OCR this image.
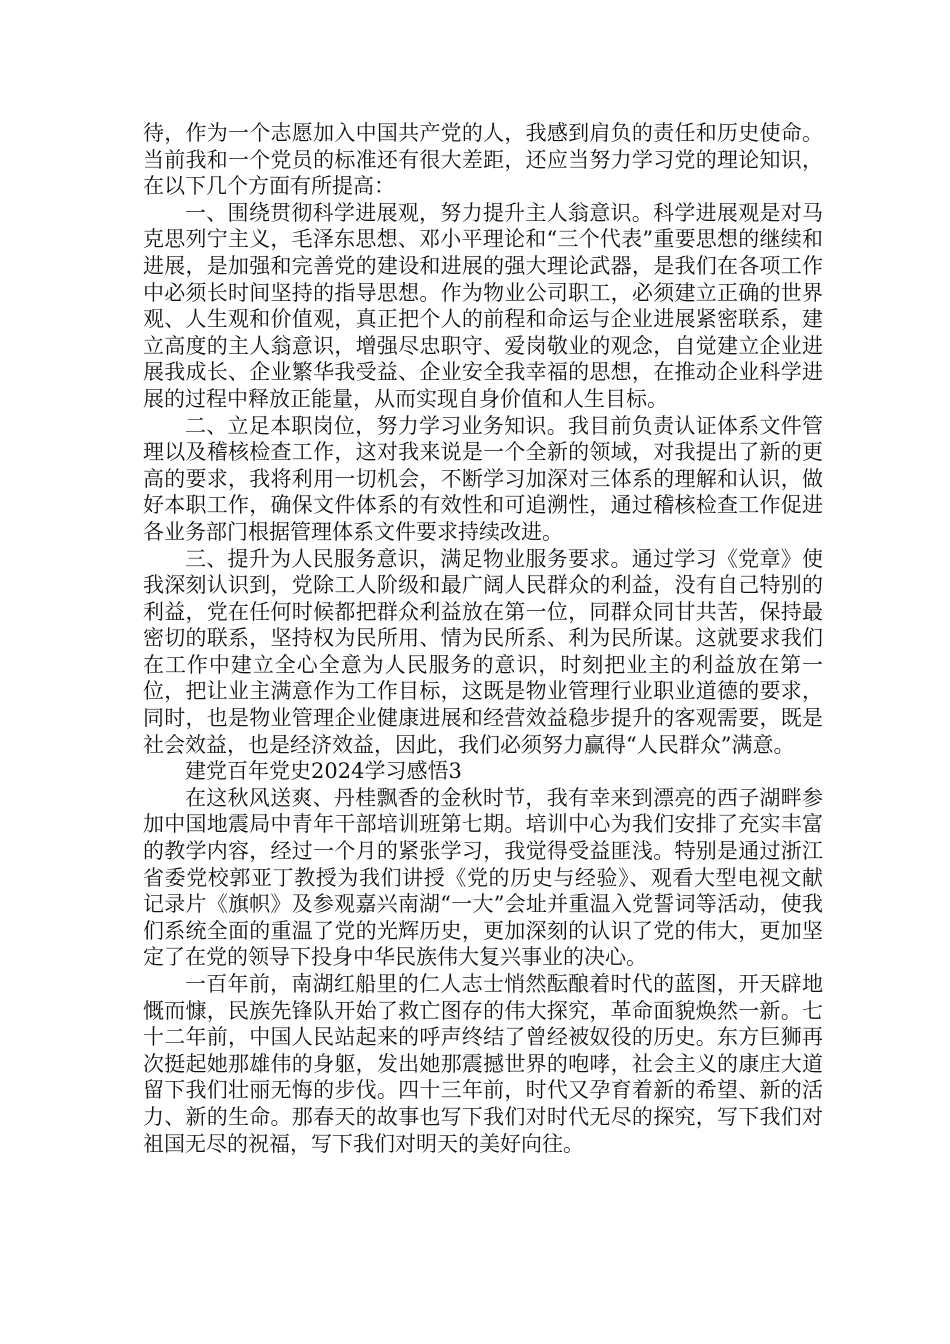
待，作为一个志愿加入中国共产党的人，我感到肩负的责任和历史使命。当前我和一个党员的标准还有很大差距，还应当努力学习党的理论知识，在以下几个方面有所提高：

一、围绕贯彻科学进展观，努力提升主人翁意识。科学进展观是对马克思列宁主义，毛泽东思想、邓小平理论和“三个代表”重要思想的继续和进展，是加强和完善党的建设和进展的强大理论武器，是我们在各项工作中必须长时间坚持的指导思想。作为物业公司职工，必须建立正确的世界观、人生观和价值观，真正把个人的前程和命运与企业进展紧密联系，建立高度的主人翁意识，增强尽忠职守、爱岗敬业的观念，自觉建立企业进展我成长、企业繁华我受益、企业安全我幸福的思想，在推动企业科学进展的过程中释放正能量，从而实现自身价值和人生目标。

二、立足本职岗位，努力学习业务知识。我目前负责认证体系文件管理以及稽核检查工作，这对我来说是一个全新的领域，对我提出了新的更高的要求，我将利用一切机会，不断学习加深对三体系的理解和认识，做好本职工作，确保文件体系的有效性和可追溯性，通过稽核检查工作促进各业务部门根据管理体系文件要求持续改进。

三、提升为人民服务意识，满足物业服务要求。通过学习《党章》使我深刻认识到，党除工人阶级和最广阔人民群众的利益，没有自己特别的利益，党在任何时候都把群众利益放在第一位，同群众同甘共苦，保持最密切的联系，坚持权为民所用、情为民所系、利为民所谋。这就要求我们在工作中建立全心全意为人民服务的意识，时刻把业主的利益放在第一位，把让业主满意作为工作目标，这既是物业管理行业职业道德的要求，同时，也是物业管理企业健康进展和经营效益稳步提升的客观需要，既是社会效益，也是经济效益，因此，我们必须努力赢得“人民群众”满意。

建党百年党史2024学习感悟3

在这秋风送爽、丹桂飘香的金秋时节，我有幸来到漂亮的西子湖畔参加中国地震局中青年干部培训班第七期。培训中心为我们安排了充实丰富的教学内容，经过一个月的紧张学习，我觉得受益匪浅。特别是通过浙江省委党校郭亚丁教授为我们讲授《党的历史与经验》、观看大型电视文献记录片《旗帜》及参观嘉兴南湖“一大”会址并重温入党誓词等活动，使我们系统全面的重温了党的光辉历史，更加深刻的认识了党的伟大，更加坚定了在党的领导下投身中华民族伟大复兴事业的决心。

一百年前，南湖红船里的仁人志士悄然酝酿着时代的蓝图，开天辟地慨而慷，民族先锋队开始了救亡图存的伟大探究，革命面貌焕然一新。七十二年前，中国人民站起来的呼声终结了曾经被奴役的历史。东方巨狮再次挺起她那雄伟的身躯，发出她那震撼世界的咆哮，社会主义的康庄大道留下我们壮丽无悔的步伐。四十三年前，时代又孕育着新的希望、新的活力、新的生命。那春天的故事也写下我们对时代无尽的探究，写下我们对祖国无尽的祝福，写下我们对明天的美好向往。
